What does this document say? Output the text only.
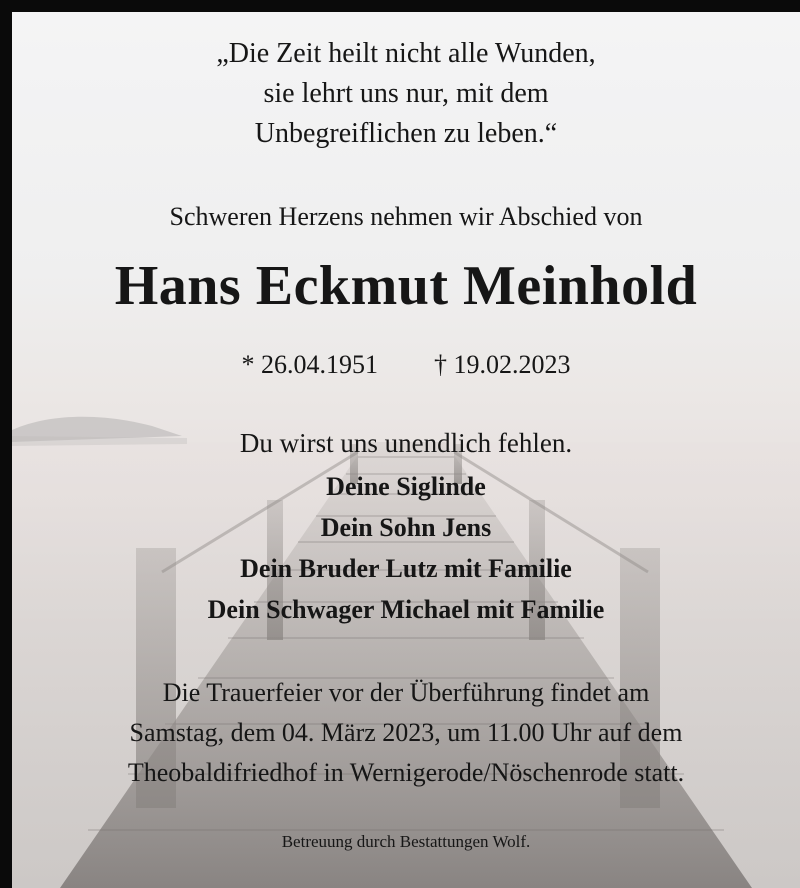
„Die Zeit heilt nicht alle Wunden,
sie lehrt uns nur, mit dem
Unbegreiflichen zu leben.“
Schweren Herzens nehmen wir Abschied von
Hans Eckmut Meinhold
* 26.04.1951 † 19.02.2023
Du wirst uns unendlich fehlen.
Deine Siglinde
Dein Sohn Jens
Dein Bruder Lutz mit Familie
Dein Schwager Michael mit Familie
Die Trauerfeier vor der Überführung findet am
Samstag, dem 04. März 2023, um 11.00 Uhr auf dem
Theobaldifriedhof in Wernigerode/Nöschenrode statt.
Betreuung durch Bestattungen Wolf.
